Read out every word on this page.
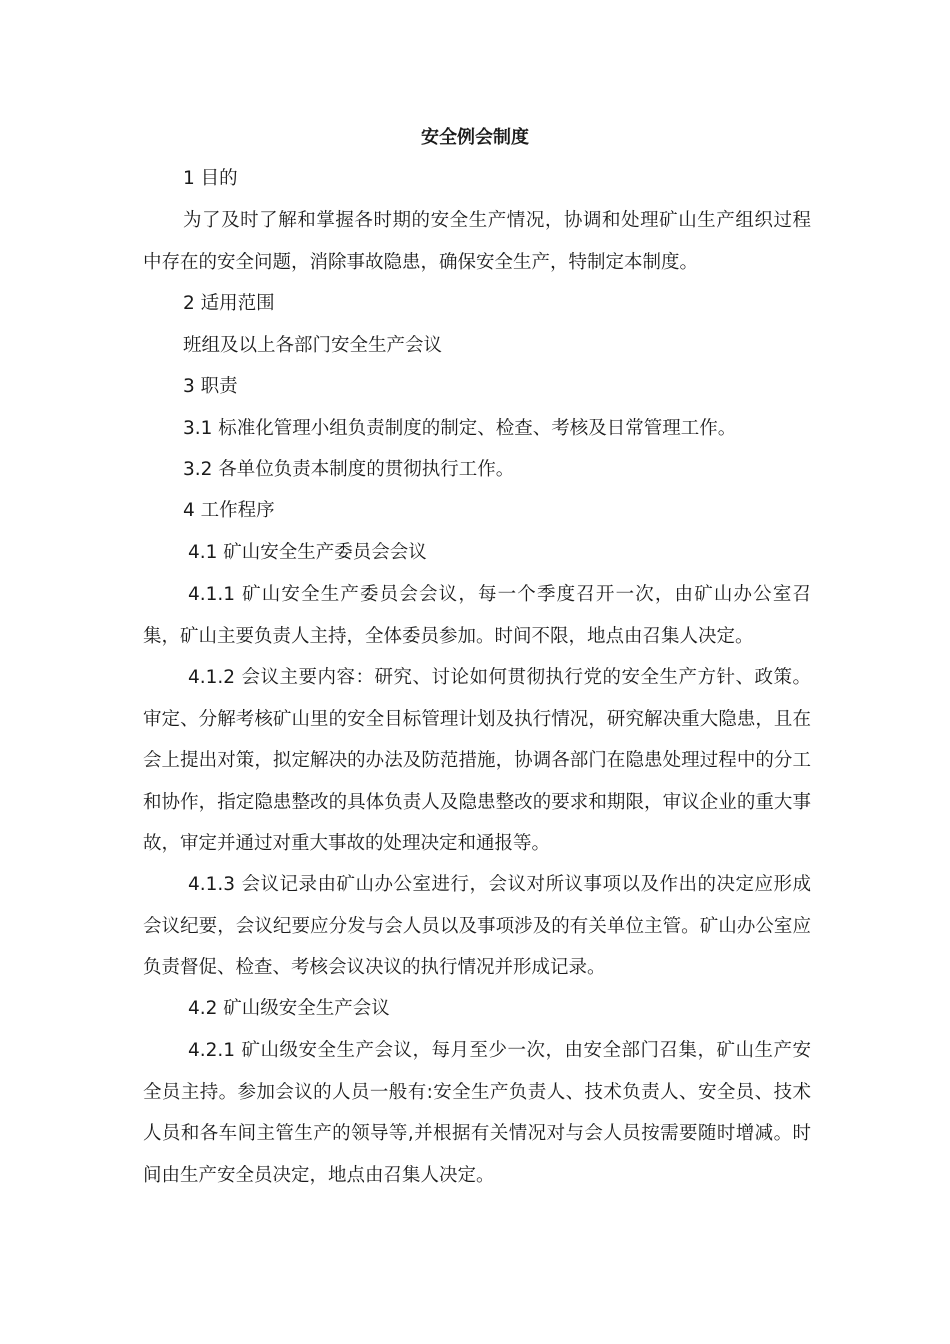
安全例会制度
1 目的
为了及时了解和掌握各时期的安全生产情况，协调和处理矿山生产组织过程中存在的安全问题，消除事故隐患，确保安全生产，特制定本制度。
2 适用范围
班组及以上各部门安全生产会议
3 职责
3.1 标准化管理小组负责制度的制定、检查、考核及日常管理工作。
3.2 各单位负责本制度的贯彻执行工作。
4 工作程序
4.1 矿山安全生产委员会会议
4.1.1 矿山安全生产委员会会议，每一个季度召开一次，由矿山办公室召集，矿山主要负责人主持，全体委员参加。时间不限，地点由召集人决定。
4.1.2 会议主要内容：研究、讨论如何贯彻执行党的安全生产方针、政策。审定、分解考核矿山里的安全目标管理计划及执行情况，研究解决重大隐患，且在会上提出对策，拟定解决的办法及防范措施，协调各部门在隐患处理过程中的分工和协作，指定隐患整改的具体负责人及隐患整改的要求和期限，审议企业的重大事故，审定并通过对重大事故的处理决定和通报等。
4.1.3 会议记录由矿山办公室进行，会议对所议事项以及作出的决定应形成会议纪要，会议纪要应分发与会人员以及事项涉及的有关单位主管。矿山办公室应负责督促、检查、考核会议决议的执行情况并形成记录。
4.2 矿山级安全生产会议
4.2.1 矿山级安全生产会议，每月至少一次，由安全部门召集，矿山生产安全员主持。参加会议的人员一般有:安全生产负责人、技术负责人、安全员、技术人员和各车间主管生产的领导等,并根据有关情况对与会人员按需要随时增减。时间由生产安全员决定，地点由召集人决定。
